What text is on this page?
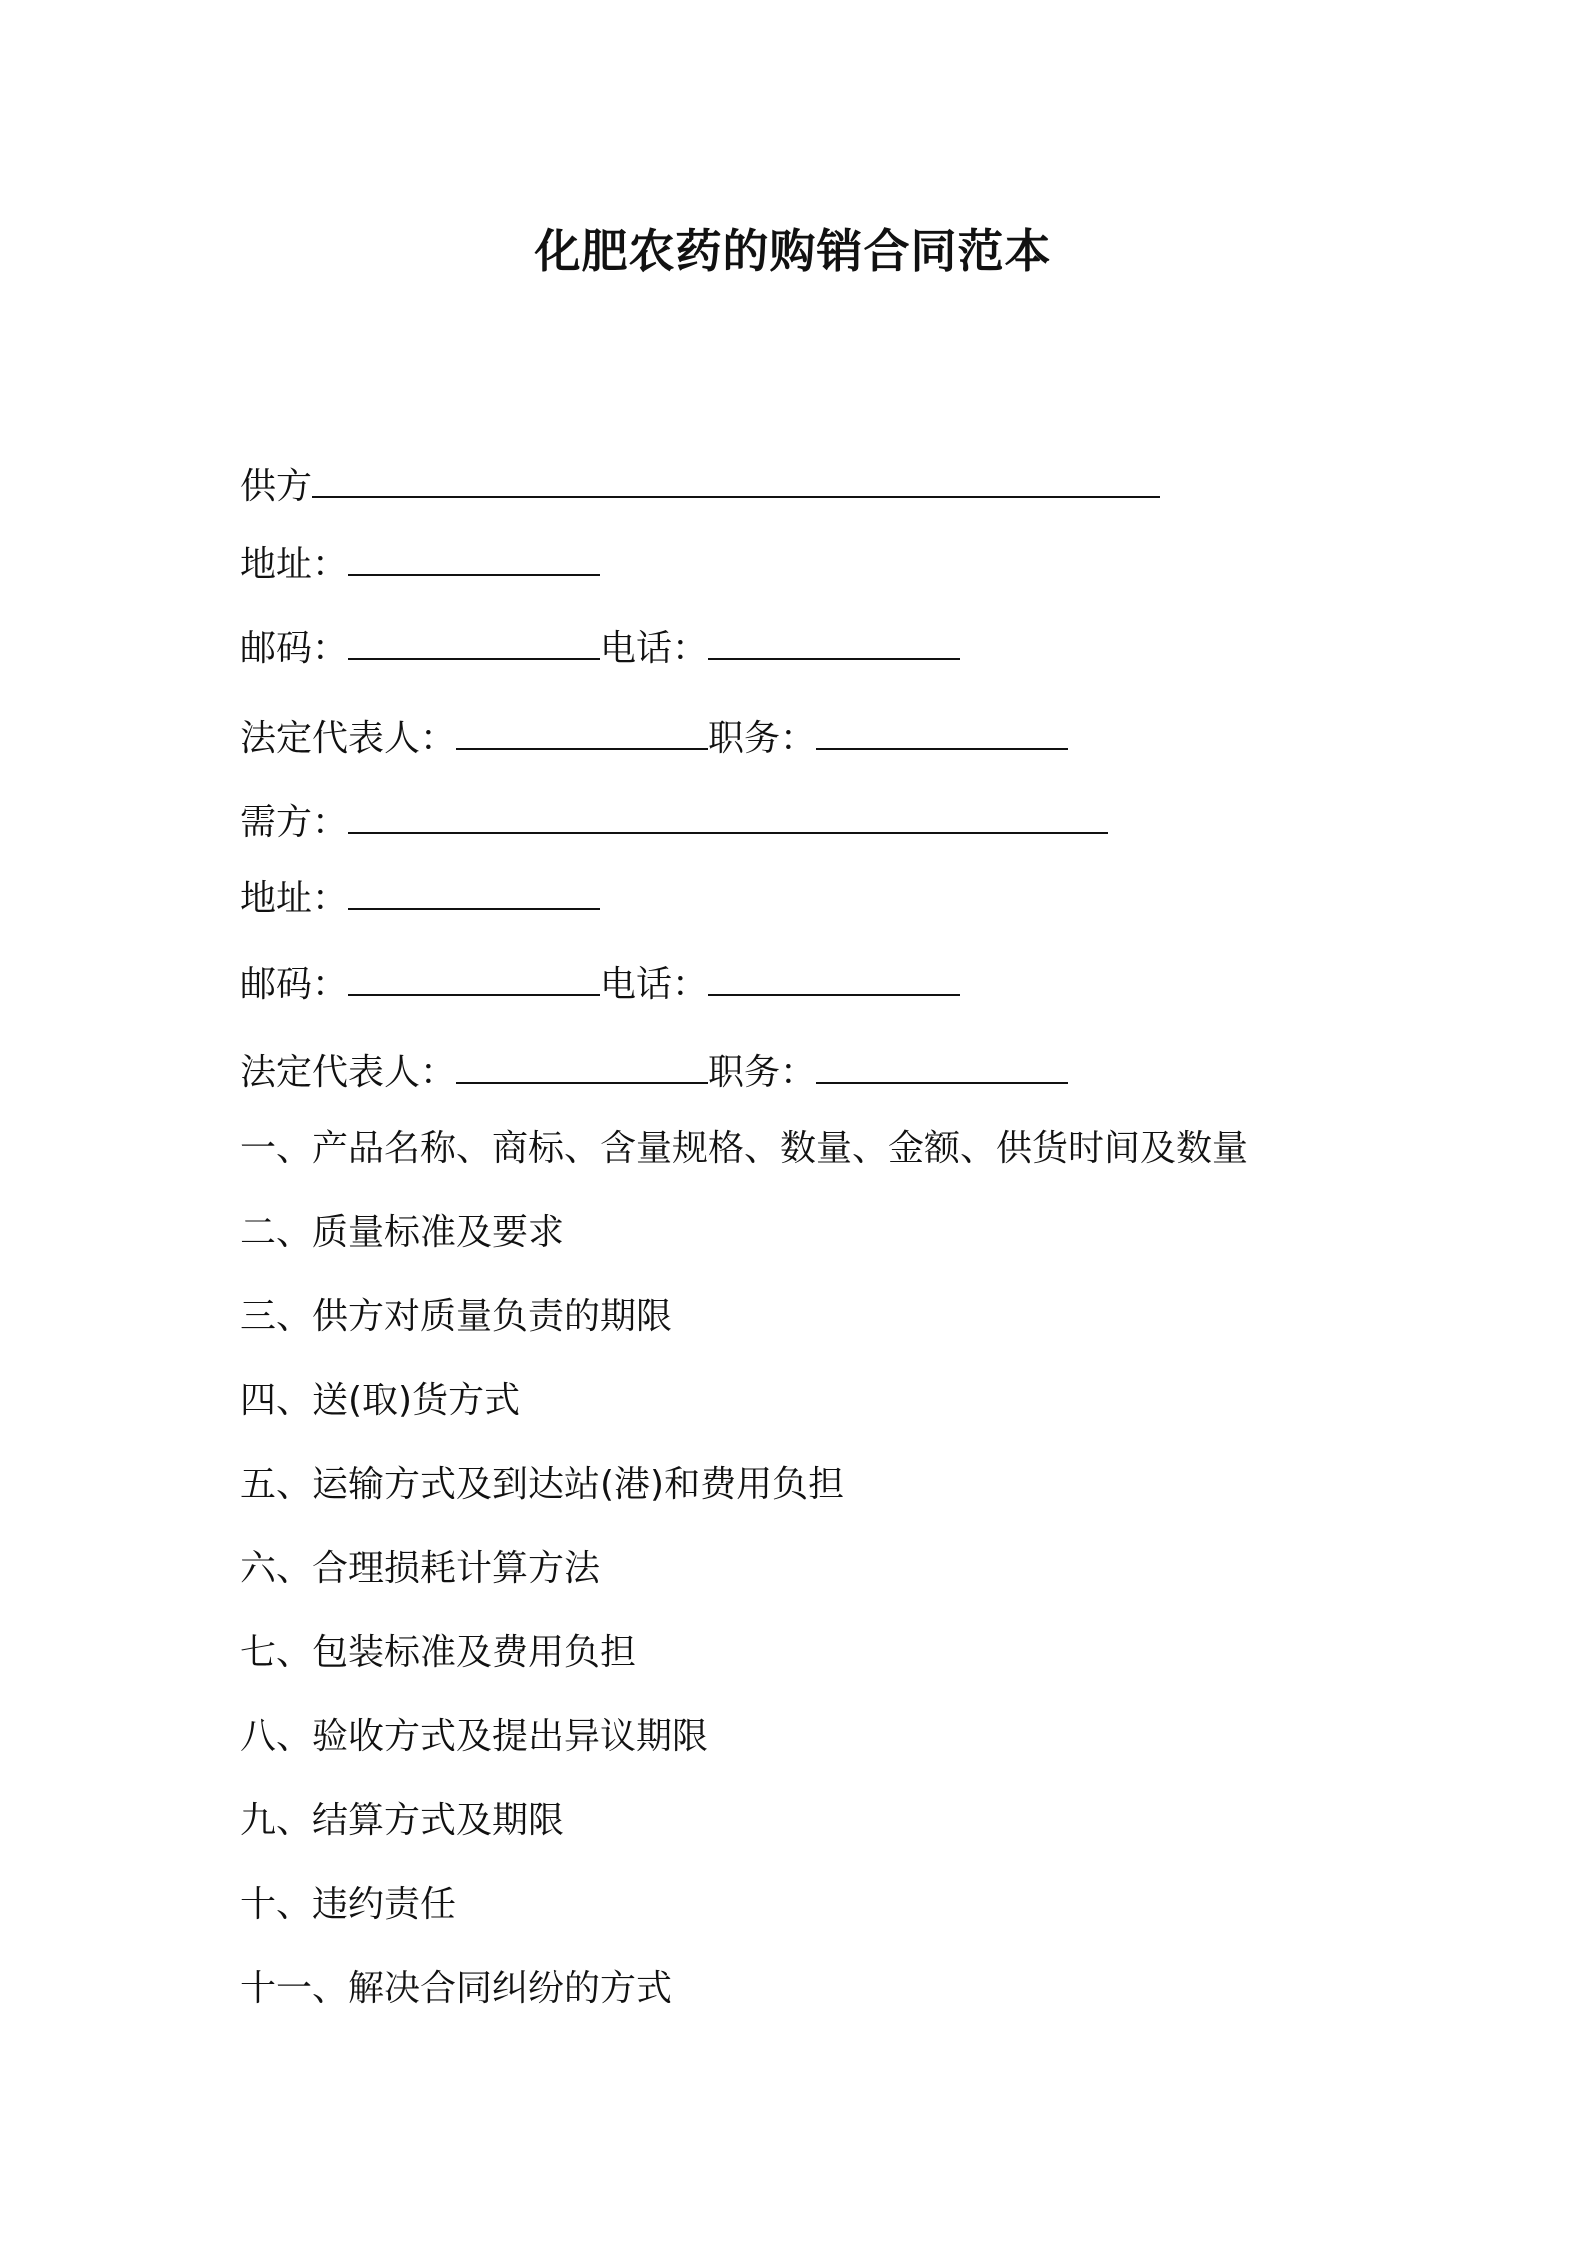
化肥农药的购销合同范本
供方
地址：
邮码：	电话：
法定代表人：	职务：
需方：
地址：
邮码：	电话：
法定代表人：	职务：
一、产品名称、商标、含量规格、数量、金额、供货时间及数量
二、质量标准及要求
三、供方对质量负责的期限
四、送(取)货方式
五、运输方式及到达站(港)和费用负担
六、合理损耗计算方法
七、包装标准及费用负担
八、验收方式及提出异议期限
九、结算方式及期限
十、违约责任
十一、解决合同纠纷的方式
